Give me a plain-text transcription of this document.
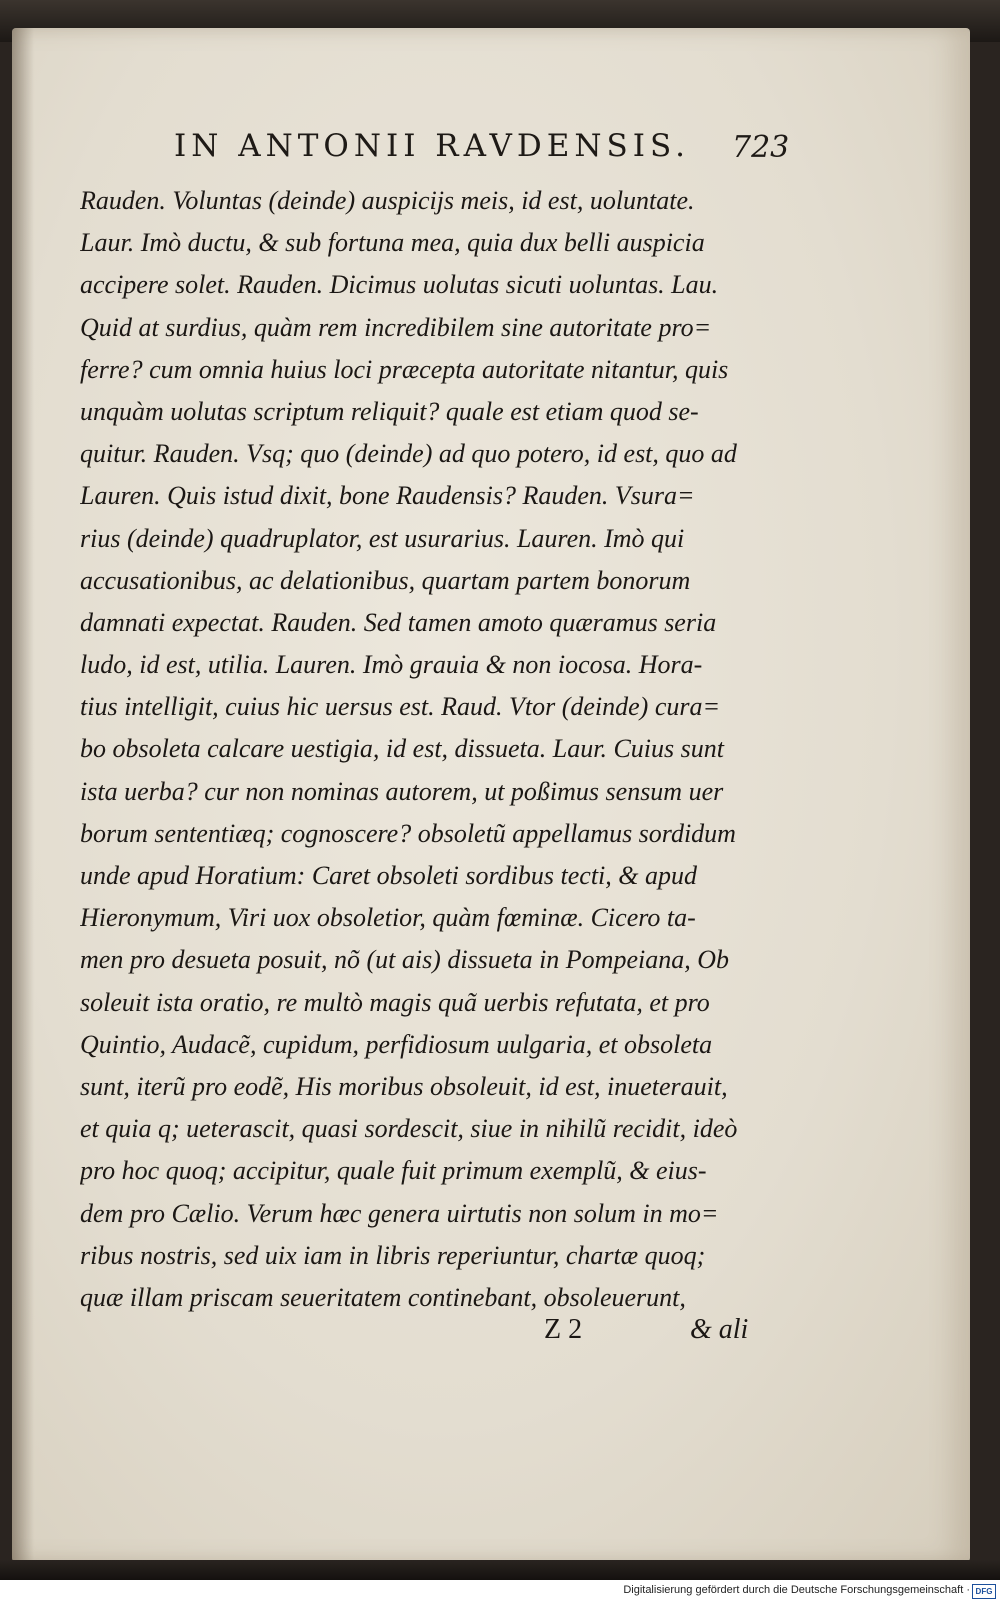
IN ANTONII RAVDENSIS.	723
Rauden. Voluntas (deinde) auspicijs meis, id est, uoluntate.
Laur. Imò ductu, & sub fortuna mea, quia dux belli auspicia
accipere solet. Rauden. Dicimus uolutas sicuti uoluntas. Lau.
Quid at surdius, quàm rem incredibilem sine autoritate pro=
ferre? cum omnia huius loci præcepta autoritate nitantur, quis
unquàm uolutas scriptum reliquit? quale est etiam quod se-
quitur. Rauden. Vsq; quo (deinde) ad quo potero, id est, quo ad
Lauren. Quis istud dixit, bone Raudensis? Rauden. Vsura=
rius (deinde) quadruplator, est usurarius. Lauren. Imò qui
accusationibus, ac delationibus, quartam partem bonorum
damnati expectat. Rauden. Sed tamen amoto quæramus seria
ludo, id est, utilia. Lauren. Imò grauia & non iocosa. Hora-
tius intelligit, cuius hic uersus est. Raud. Vtor (deinde) cura=
bo obsoleta calcare uestigia, id est, dissueta. Laur. Cuius sunt
ista uerba? cur non nominas autorem, ut poßimus sensum uer
borum sententiæq; cognoscere? obsoletũ appellamus sordidum
unde apud Horatium: Caret obsoleti sordibus tecti, & apud
Hieronymum, Viri uox obsoletior, quàm fœminæ. Cicero ta-
men pro desueta posuit, nõ (ut ais) dissueta in Pompeiana, Ob
soleuit ista oratio, re multò magis quã uerbis refutata, et pro
Quintio, Audacẽ, cupidum, perfidiosum uulgaria, et obsoleta
sunt, iterũ pro eodẽ, His moribus obsoleuit, id est, inueterauit,
et quia q; ueterascit, quasi sordescit, siue in nihilũ recidit, ideò
pro hoc quoq; accipitur, quale fuit primum exemplũ, & eius-
dem pro Cælio. Verum hæc genera uirtutis non solum in mo=
ribus nostris, sed uix iam in libris reperiuntur, chartæ quoq;
quæ illam priscam seueritatem continebant, obsoleuerunt,
Z 2	& ali
Digitalisierung gefördert durch die Deutsche Forschungsgemeinschaft · DFG
